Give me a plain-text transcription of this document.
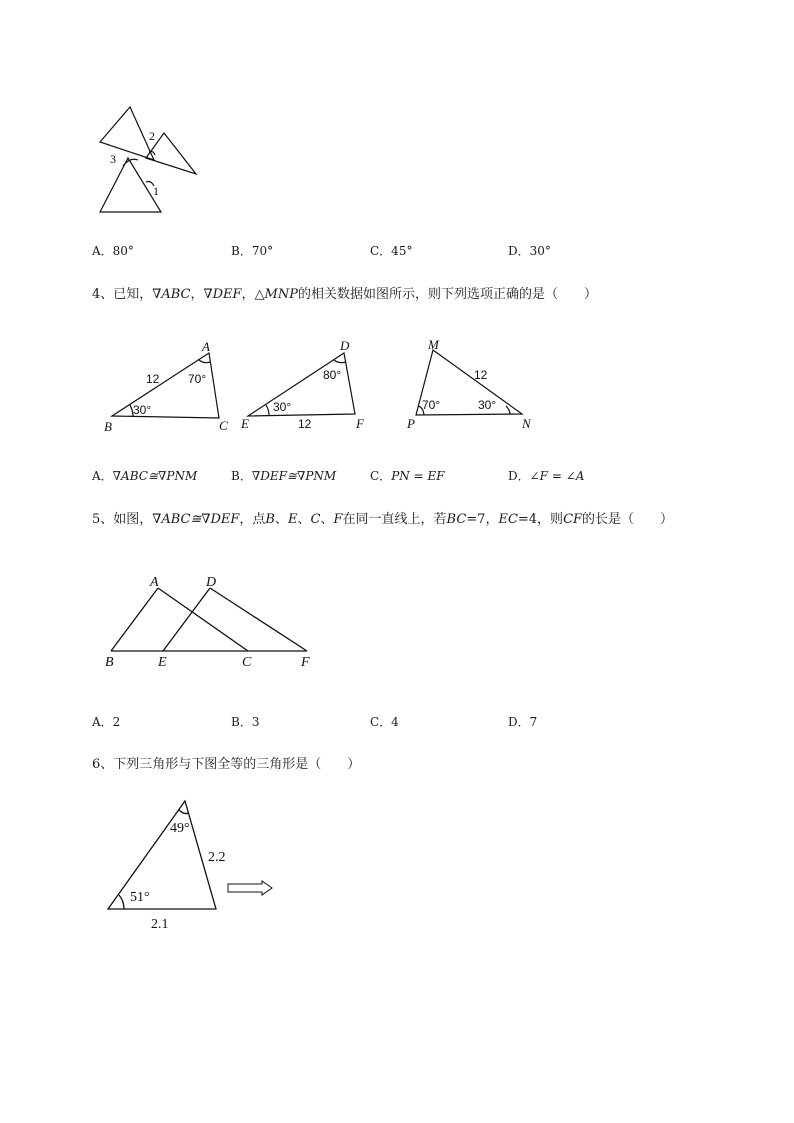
3
2
1
A．80°	B．70°	C．45°	D．30°
4、已知，∇ABC，∇DEF，△MNP的相关数据如图所示，则下列选项正确的是（　　）
A
B	C
12 70°
30°
D
E	F
12
80°
30°
M
P	N
12
70°	30°
A．∇ABC≅∇PNM	B．∇DEF≅∇PNM	C．PN = EF	D．∠F = ∠A
5、如图，∇ABC≅∇DEF，点B、E、C、F在同一直线上，若BC=7，EC=4，则CF的长是（　　）
A	D
B	E	C	F
A．2	B．3	C．4	D．7
6、下列三角形与下图全等的三角形是（　　）
49°
51°
2.2
2.1
